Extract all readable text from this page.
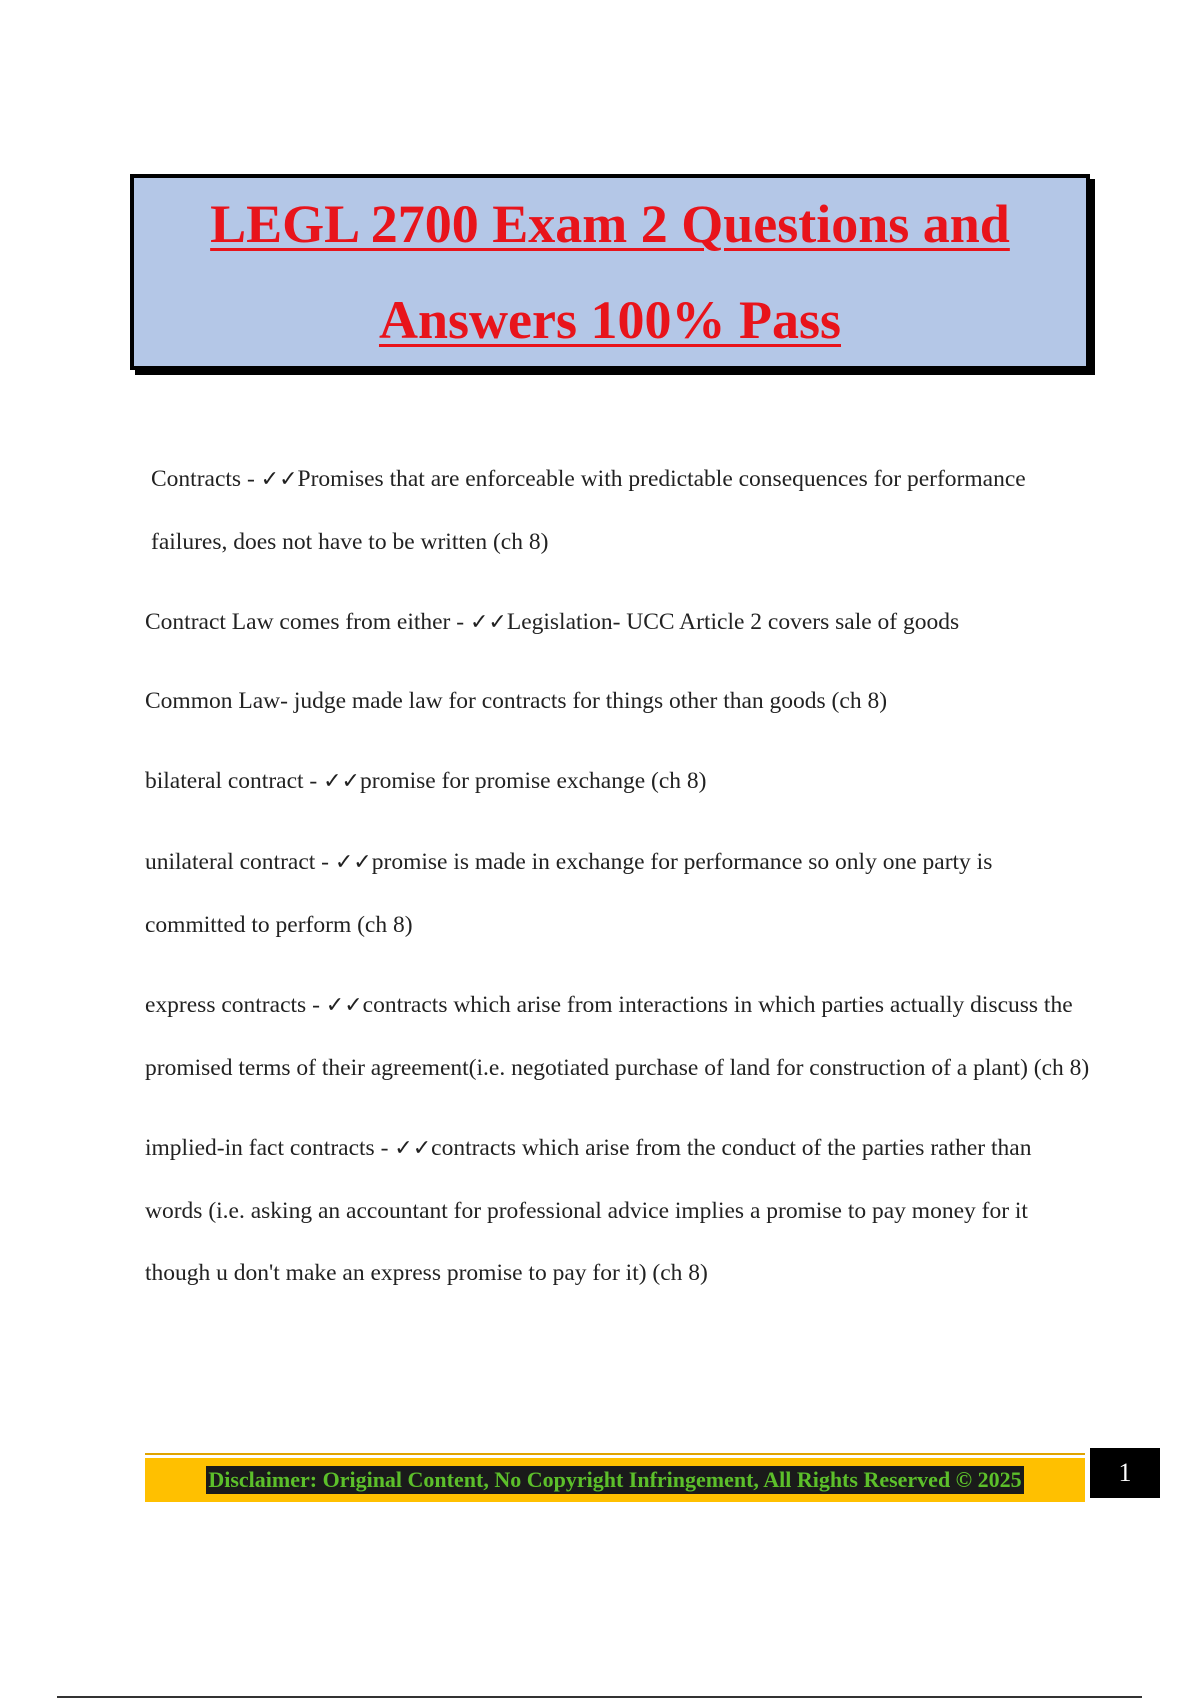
LEGL 2700 Exam 2 Questions and
Answers 100% Pass
Contracts - ✓✓Promises that are enforceable with predictable consequences for performance failures, does not have to be written (ch 8)
Contract Law comes from either - ✓✓Legislation- UCC Article 2 covers sale of goods
Common Law- judge made law for contracts for things other than goods (ch 8)
bilateral contract - ✓✓promise for promise exchange (ch 8)
unilateral contract - ✓✓promise is made in exchange for performance so only one party is committed to perform (ch 8)
express contracts - ✓✓contracts which arise from interactions in which parties actually discuss the promised terms of their agreement(i.e. negotiated purchase of land for construction of a plant) (ch 8)
implied-in fact contracts - ✓✓contracts which arise from the conduct of the parties rather than words (i.e. asking an accountant for professional advice implies a promise to pay money for it though u don't make an express promise to pay for it) (ch 8)
Disclaimer: Original Content, No Copyright Infringement, All Rights Reserved © 2025	1
